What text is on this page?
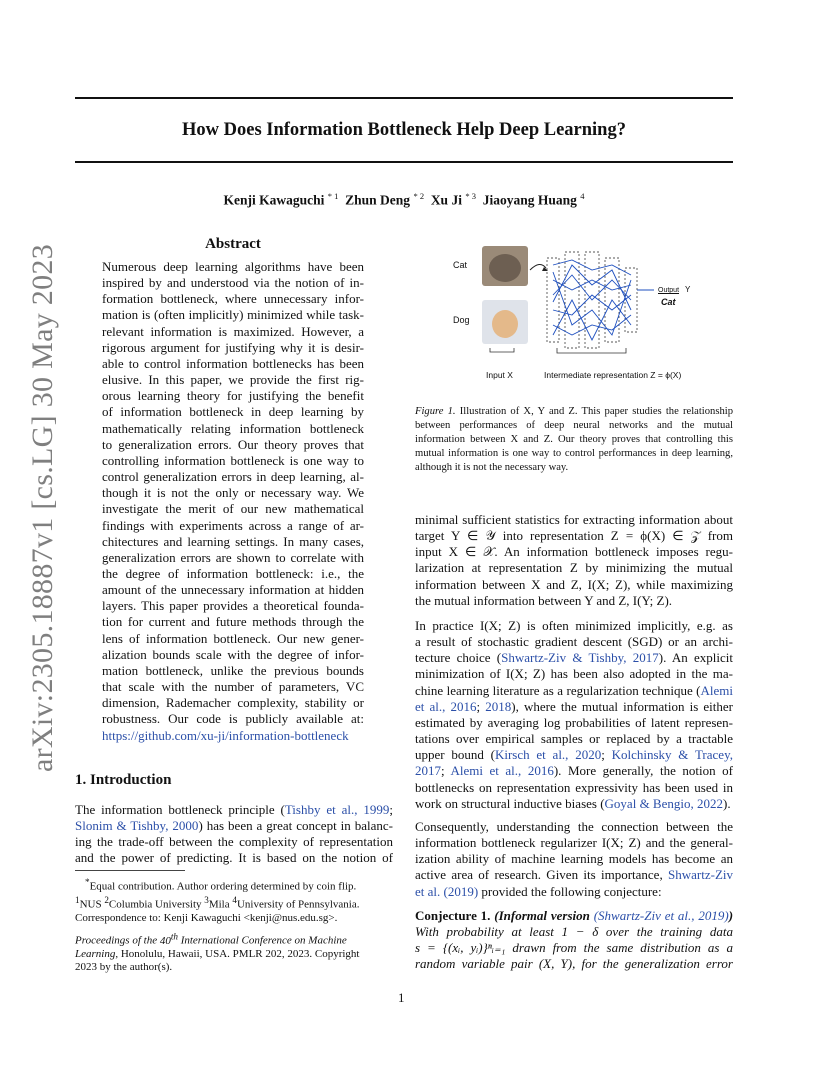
How Does Information Bottleneck Help Deep Learning?
Kenji Kawaguchi $^{* 1}$ Zhun Deng $^{* 2}$ Xu Ji $^{* 3}$ Jiaoyang Huang $^4$
arXiv:2305.18887v1 [cs.LG] 30 May 2023	Abstract
Numerous deep learning algorithms have been
inspired by and understood via the notion of in-
formation bottleneck, where unnecessary infor-
mation is (often implicitly) minimized while task-
relevant information is maximized. However, a
rigorous argument for justifying why it is desir-
able to control information bottlenecks has been
elusive. In this paper, we provide the first rig-
orous learning theory for justifying the benefit
of information bottleneck in deep learning by
mathematically relating information bottleneck
to generalization errors. Our theory proves that
controlling information bottleneck is one way to
control generalization errors in deep learning, al-
though it is not the only or necessary way. We
investigate the merit of our new mathematical
findings with experiments across a range of ar-
chitectures and learning settings. In many cases,
generalization errors are shown to correlate with
the degree of information bottleneck: i.e., the
amount of the unnecessary information at hidden
layers. This paper provides a theoretical founda-
tion for current and future methods through the
lens of information bottleneck. Our new gener-
alization bounds scale with the degree of infor-
mation bottleneck, unlike the previous bounds
that scale with the number of parameters, VC
dimension, Rademacher complexity, stability or
robustness. Our code is publicly available at:
https://github.com/xu-ji/information-bottleneck
1. Introduction
The information bottleneck principle (Tishby et al., 1999;
Slonim & Tishby, 2000) has been a great concept in balanc-
ing the trade-off between the complexity of representation
and the power of predicting. It is based on the notion of
*Equal contribution. Author ordering determined by coin flip.
$^1$NUS $^2$Columbia University $^3$Mila $^4$University of Pennsylvania.
Correspondence to: Kenji Kawaguchi <kenji@nus.edu.sg>.
Proceedings of the 40th International Conference on Machine
Learning, Honolulu, Hawaii, USA. PMLR 202, 2023. Copyright
2023 by the author(s).
Cat
Dog
Output Y
Cat
Input X	Intermediate representation Z = ϕ(X)
Figure 1. Illustration of X, Y and Z. This paper studies the relationship between performances of deep neural networks and the mutual information between X and Z. Our theory proves that controlling this mutual information is one way to control performances in deep learning, although it is not the necessary way.
minimal sufficient statistics for extracting information about
target Y ∈ 𝒴 into representation Z = ϕ(X) ∈ 𝒵 from
input X ∈ 𝒳. An information bottleneck imposes regu-
larization at representation Z by minimizing the mutual
information between X and Z, I(X; Z), while maximizing
the mutual information between Y and Z, I(Y; Z).
In practice I(X; Z) is often minimized implicitly, e.g. as
a result of stochastic gradient descent (SGD) or an archi-
tecture choice (Shwartz-Ziv & Tishby, 2017). An explicit
minimization of I(X; Z) has been also adopted in the ma-
chine learning literature as a regularization technique (Alemi
et al., 2016; 2018), where the mutual information is either
estimated by averaging log probabilities of latent represen-
tations over empirical samples or replaced by a tractable
upper bound (Kirsch et al., 2020; Kolchinsky & Tracey,
2017; Alemi et al., 2016). More generally, the notion of
bottlenecks on representation expressivity has been used in
work on structural inductive biases (Goyal & Bengio, 2022).
Consequently, understanding the connection between the
information bottleneck regularizer I(X; Z) and the general-
ization ability of machine learning models has become an
active area of research. Given its importance, Shwartz-Ziv
et al. (2019) provided the following conjecture:
Conjecture 1. (Informal version (Shwartz-Ziv et al., 2019))
With probability at least 1 − δ over the training data
s = {(xᵢ, yᵢ)}ⁿᵢ₌₁ drawn from the same distribution as a
random variable pair (X, Y), for the generalization error
1
